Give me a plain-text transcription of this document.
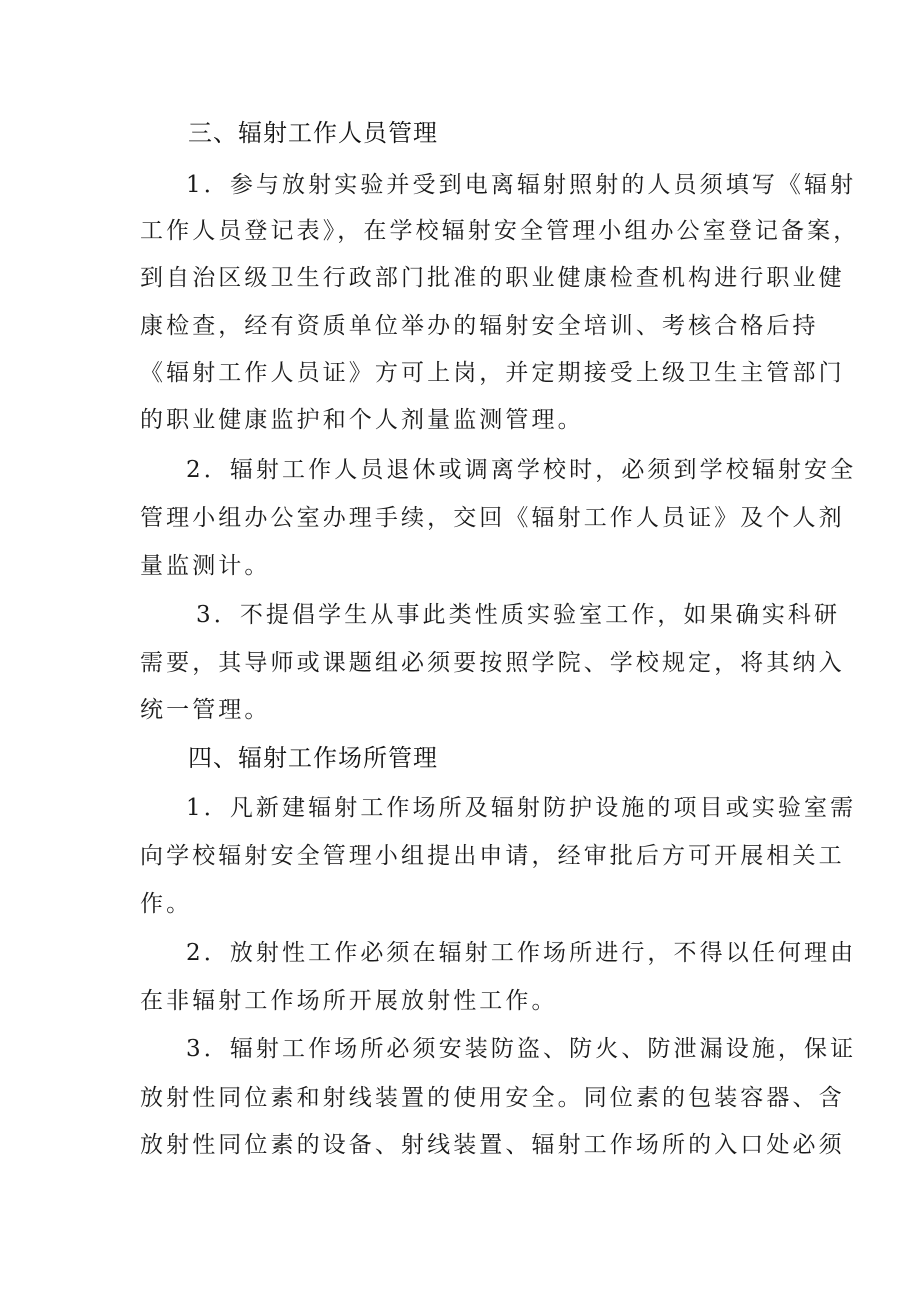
三、辐射工作人员管理
1．参与放射实验并受到电离辐射照射的人员须填写《辐射
工作人员登记表》，在学校辐射安全管理小组办公室登记备案，
到自治区级卫生行政部门批准的职业健康检查机构进行职业健
康检查，经有资质单位举办的辐射安全培训、考核合格后持
《辐射工作人员证》方可上岗，并定期接受上级卫生主管部门
的职业健康监护和个人剂量监测管理。
2．辐射工作人员退休或调离学校时，必须到学校辐射安全
管理小组办公室办理手续，交回《辐射工作人员证》及个人剂
量监测计。
3．不提倡学生从事此类性质实验室工作，如果确实科研
需要，其导师或课题组必须要按照学院、学校规定，将其纳入
统一管理。
四、辐射工作场所管理
1．凡新建辐射工作场所及辐射防护设施的项目或实验室需
向学校辐射安全管理小组提出申请，经审批后方可开展相关工
作。
2．放射性工作必须在辐射工作场所进行，不得以任何理由
在非辐射工作场所开展放射性工作。
3．辐射工作场所必须安装防盗、防火、防泄漏设施，保证
放射性同位素和射线装置的使用安全。同位素的包装容器、含
放射性同位素的设备、射线装置、辐射工作场所的入口处必须
